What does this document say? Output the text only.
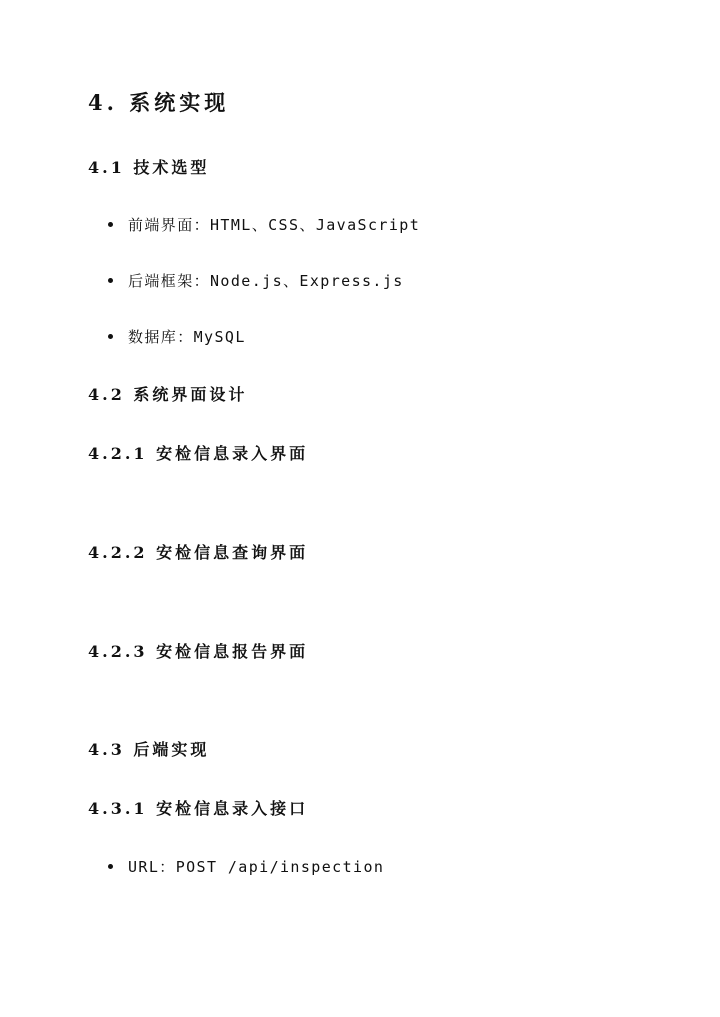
4. 系统实现
4.1 技术选型

前端界面：HTML、CSS、JavaScript

后端框架：Node.js、Express.js

数据库：MySQL

4.2 系统界面设计
4.2.1 安检信息录入界面
4.2.2 安检信息查询界面
4.2.3 安检信息报告界面
4.3 后端实现
4.3.1 安检信息录入接口

URL：POST /api/inspection
